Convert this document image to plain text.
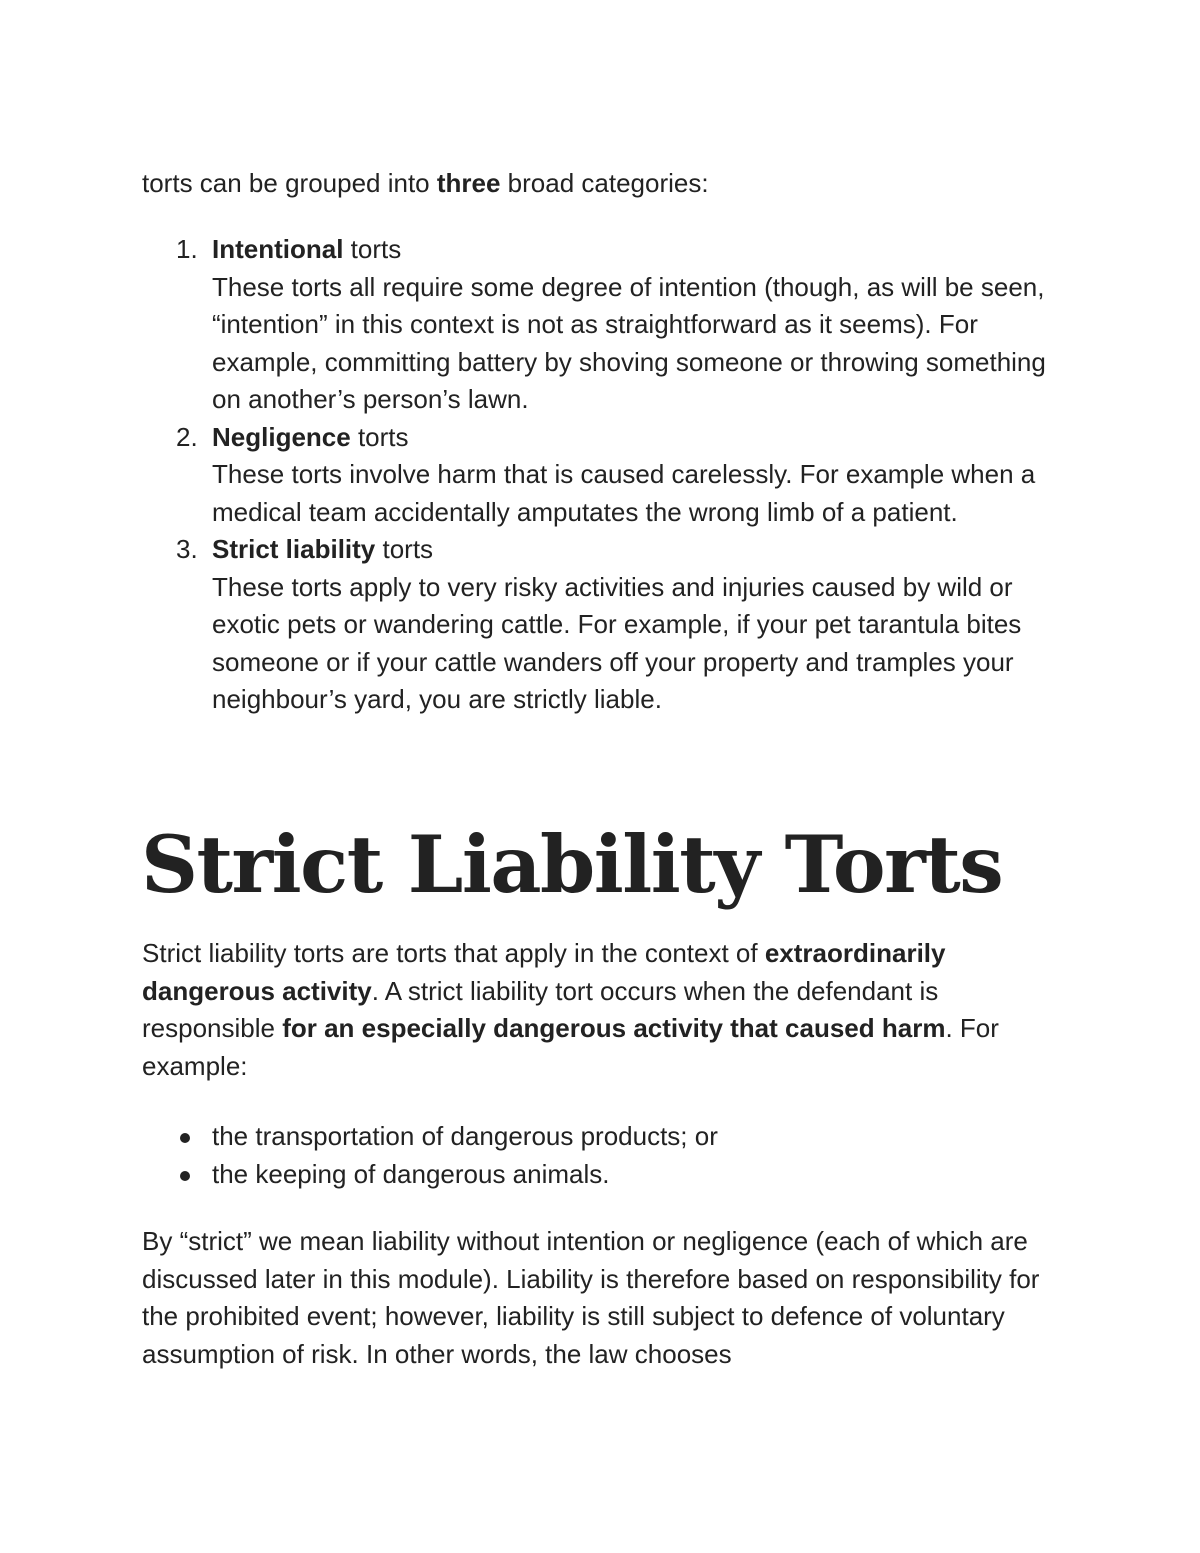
torts can be grouped into three broad categories:

1. Intentional torts
These torts all require some degree of intention (though, as will be seen, “intention” in this context is not as straightforward as it seems). For example, committing battery by shoving someone or throwing something on another’s person’s lawn.
2. Negligence torts
These torts involve harm that is caused carelessly. For example when a medical team accidentally amputates the wrong limb of a patient.
3. Strict liability torts
These torts apply to very risky activities and injuries caused by wild or exotic pets or wandering cattle. For example, if your pet tarantula bites someone or if your cattle wanders off your property and tramples your neighbour’s yard, you are strictly liable.
Strict Liability Torts

Strict liability torts are torts that apply in the context of extraordinarily dangerous activity. A strict liability tort occurs when the defendant is responsible for an especially dangerous activity that caused harm. For example:

the transportation of dangerous products; or
the keeping of dangerous animals.

By “strict” we mean liability without intention or negligence (each of which are discussed later in this module). Liability is therefore based on responsibility for the prohibited event; however, liability is still subject to defence of voluntary assumption of risk. In other words, the law chooses
